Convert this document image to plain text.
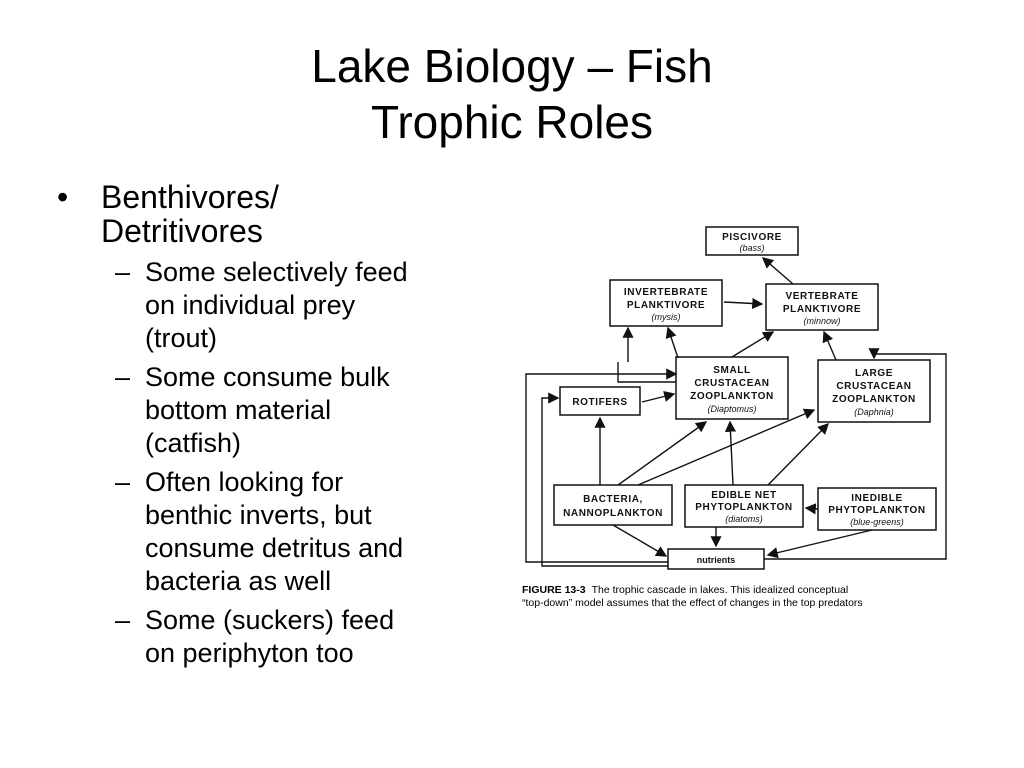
Lake Biology – Fish
Trophic Roles
• Benthivores/
Detritivores
– Some selectively feed
on individual prey
(trout)
– Some consume bulk
bottom material
(catfish)
– Often looking for
benthic inverts, but
consume detritus and
bacteria as well
– Some (suckers) feed
on periphyton too
PISCIVORE
(bass)
INVERTEBRATE
PLANKTIVORE
(mysis)
VERTEBRATE
PLANKTIVORE
(minnow)
SMALL
CRUSTACEAN
ZOOPLANKTON
(Diaptomus)
LARGE
CRUSTACEAN
ZOOPLANKTON
(Daphnia)
ROTIFERS
BACTERIA,
NANNOPLANKTON
EDIBLE NET
PHYTOPLANKTON
(diatoms)
INEDIBLE
PHYTOPLANKTON
(blue-greens)
nutrients
FIGURE 13-3 The trophic cascade in lakes. This idealized conceptual
“top-down” model assumes that the effect of changes in the top predators
